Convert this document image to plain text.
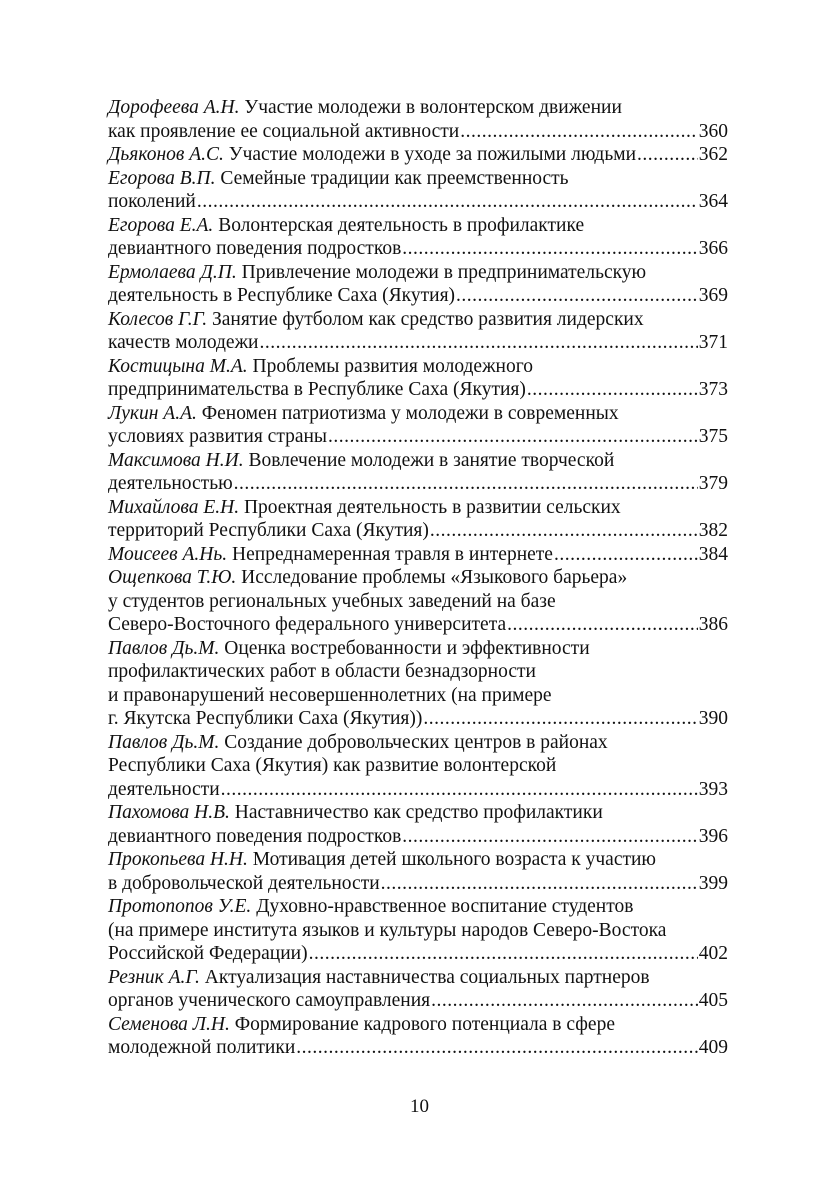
Дорофеева А.Н. Участие молодежи в волонтерском движении
как проявление ее социальной активности .....	360
Дьяконов А.С. Участие молодежи в уходе за пожилыми людьми .....	362
Егорова В.П. Семейные традиции как преемственность
поколений .....	364
Егорова Е.А. Волонтерская деятельность в профилактике
девиантного поведения подростков .....	366
Ермолаева Д.П. Привлечение молодежи в предпринимательскую
деятельность в Республике Саха (Якутия) .....	369
Колесов Г.Г. Занятие футболом как средство развития лидерских
качеств молодежи .....	371
Костицына М.А. Проблемы развития молодежного
предпринимательства в Республике Саха (Якутия) .....	373
Лукин А.А. Феномен патриотизма у молодежи в современных
условиях развития страны .....	375
Максимова Н.И. Вовлечение молодежи в занятие творческой
деятельностью .....	379
Михайлова Е.Н. Проектная деятельность в развитии сельских
территорий Республики Саха (Якутия) .....	382
Моисеев А.Нь. Непреднамеренная травля в интернете .....	384
Ощепкова Т.Ю. Исследование проблемы «Языкового барьера»
у студентов региональных учебных заведений на базе
Северо-Восточного федерального университета .....	386
Павлов Дь.М. Оценка востребованности и эффективности
профилактических работ в области безнадзорности
и правонарушений несовершеннолетних (на примере
г. Якутска Республики Саха (Якутия)) .....	390
Павлов Дь.М. Создание добровольческих центров в районах
Республики Саха (Якутия) как развитие волонтерской
деятельности .....	393
Пахомова Н.В. Наставничество как средство профилактики
девиантного поведения подростков .....	396
Прокопьева Н.Н. Мотивация детей школьного возраста к участию
в добровольческой деятельности .....	399
Протопопов У.Е. Духовно-нравственное воспитание студентов
(на примере института языков и культуры народов Северо-Востока
Российской Федерации) .....	402
Резник А.Г. Актуализация наставничества социальных партнеров
органов ученического самоуправления .....	405
Семенова Л.Н. Формирование кадрового потенциала в сфере
молодежной политики .....	409
10
